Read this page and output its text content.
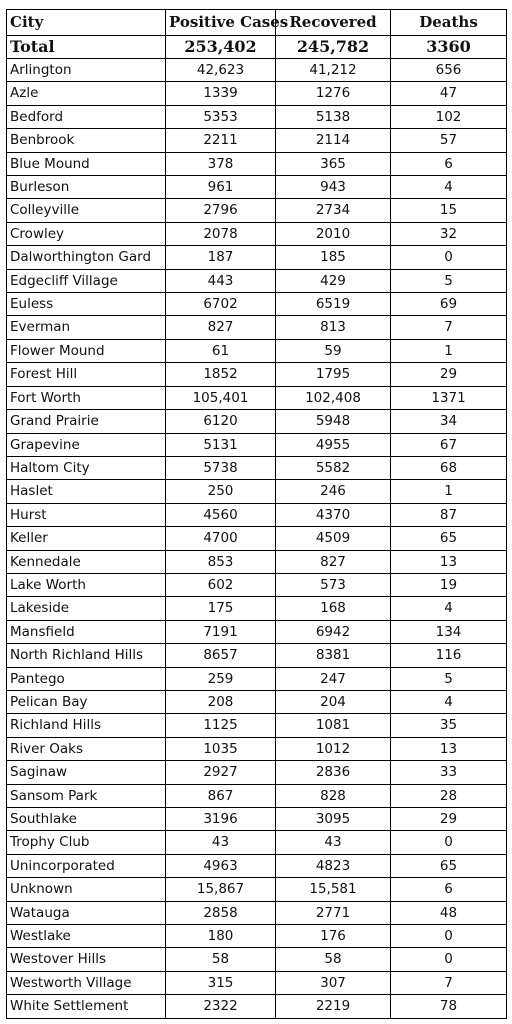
City	Positive Cases	Recovered	Deaths
Total	253,402	245,782	3360
Arlington	42,623	41,212	656
Azle	1339	1276	47
Bedford	5353	5138	102
Benbrook	2211	2114	57
Blue Mound	378	365	6
Burleson	961	943	4
Colleyville	2796	2734	15
Crowley	2078	2010	32
Dalworthington Gard	187	185	0
Edgecliff Village	443	429	5
Euless	6702	6519	69
Everman	827	813	7
Flower Mound	61	59	1
Forest Hill	1852	1795	29
Fort Worth	105,401	102,408	1371
Grand Prairie	6120	5948	34
Grapevine	5131	4955	67
Haltom City	5738	5582	68
Haslet	250	246	1
Hurst	4560	4370	87
Keller	4700	4509	65
Kennedale	853	827	13
Lake Worth	602	573	19
Lakeside	175	168	4
Mansfield	7191	6942	134
North Richland Hills	8657	8381	116
Pantego	259	247	5
Pelican Bay	208	204	4
Richland Hills	1125	1081	35
River Oaks	1035	1012	13
Saginaw	2927	2836	33
Sansom Park	867	828	28
Southlake	3196	3095	29
Trophy Club	43	43	0
Unincorporated	4963	4823	65
Unknown	15,867	15,581	6
Watauga	2858	2771	48
Westlake	180	176	0
Westover Hills	58	58	0
Westworth Village	315	307	7
White Settlement	2322	2219	78
